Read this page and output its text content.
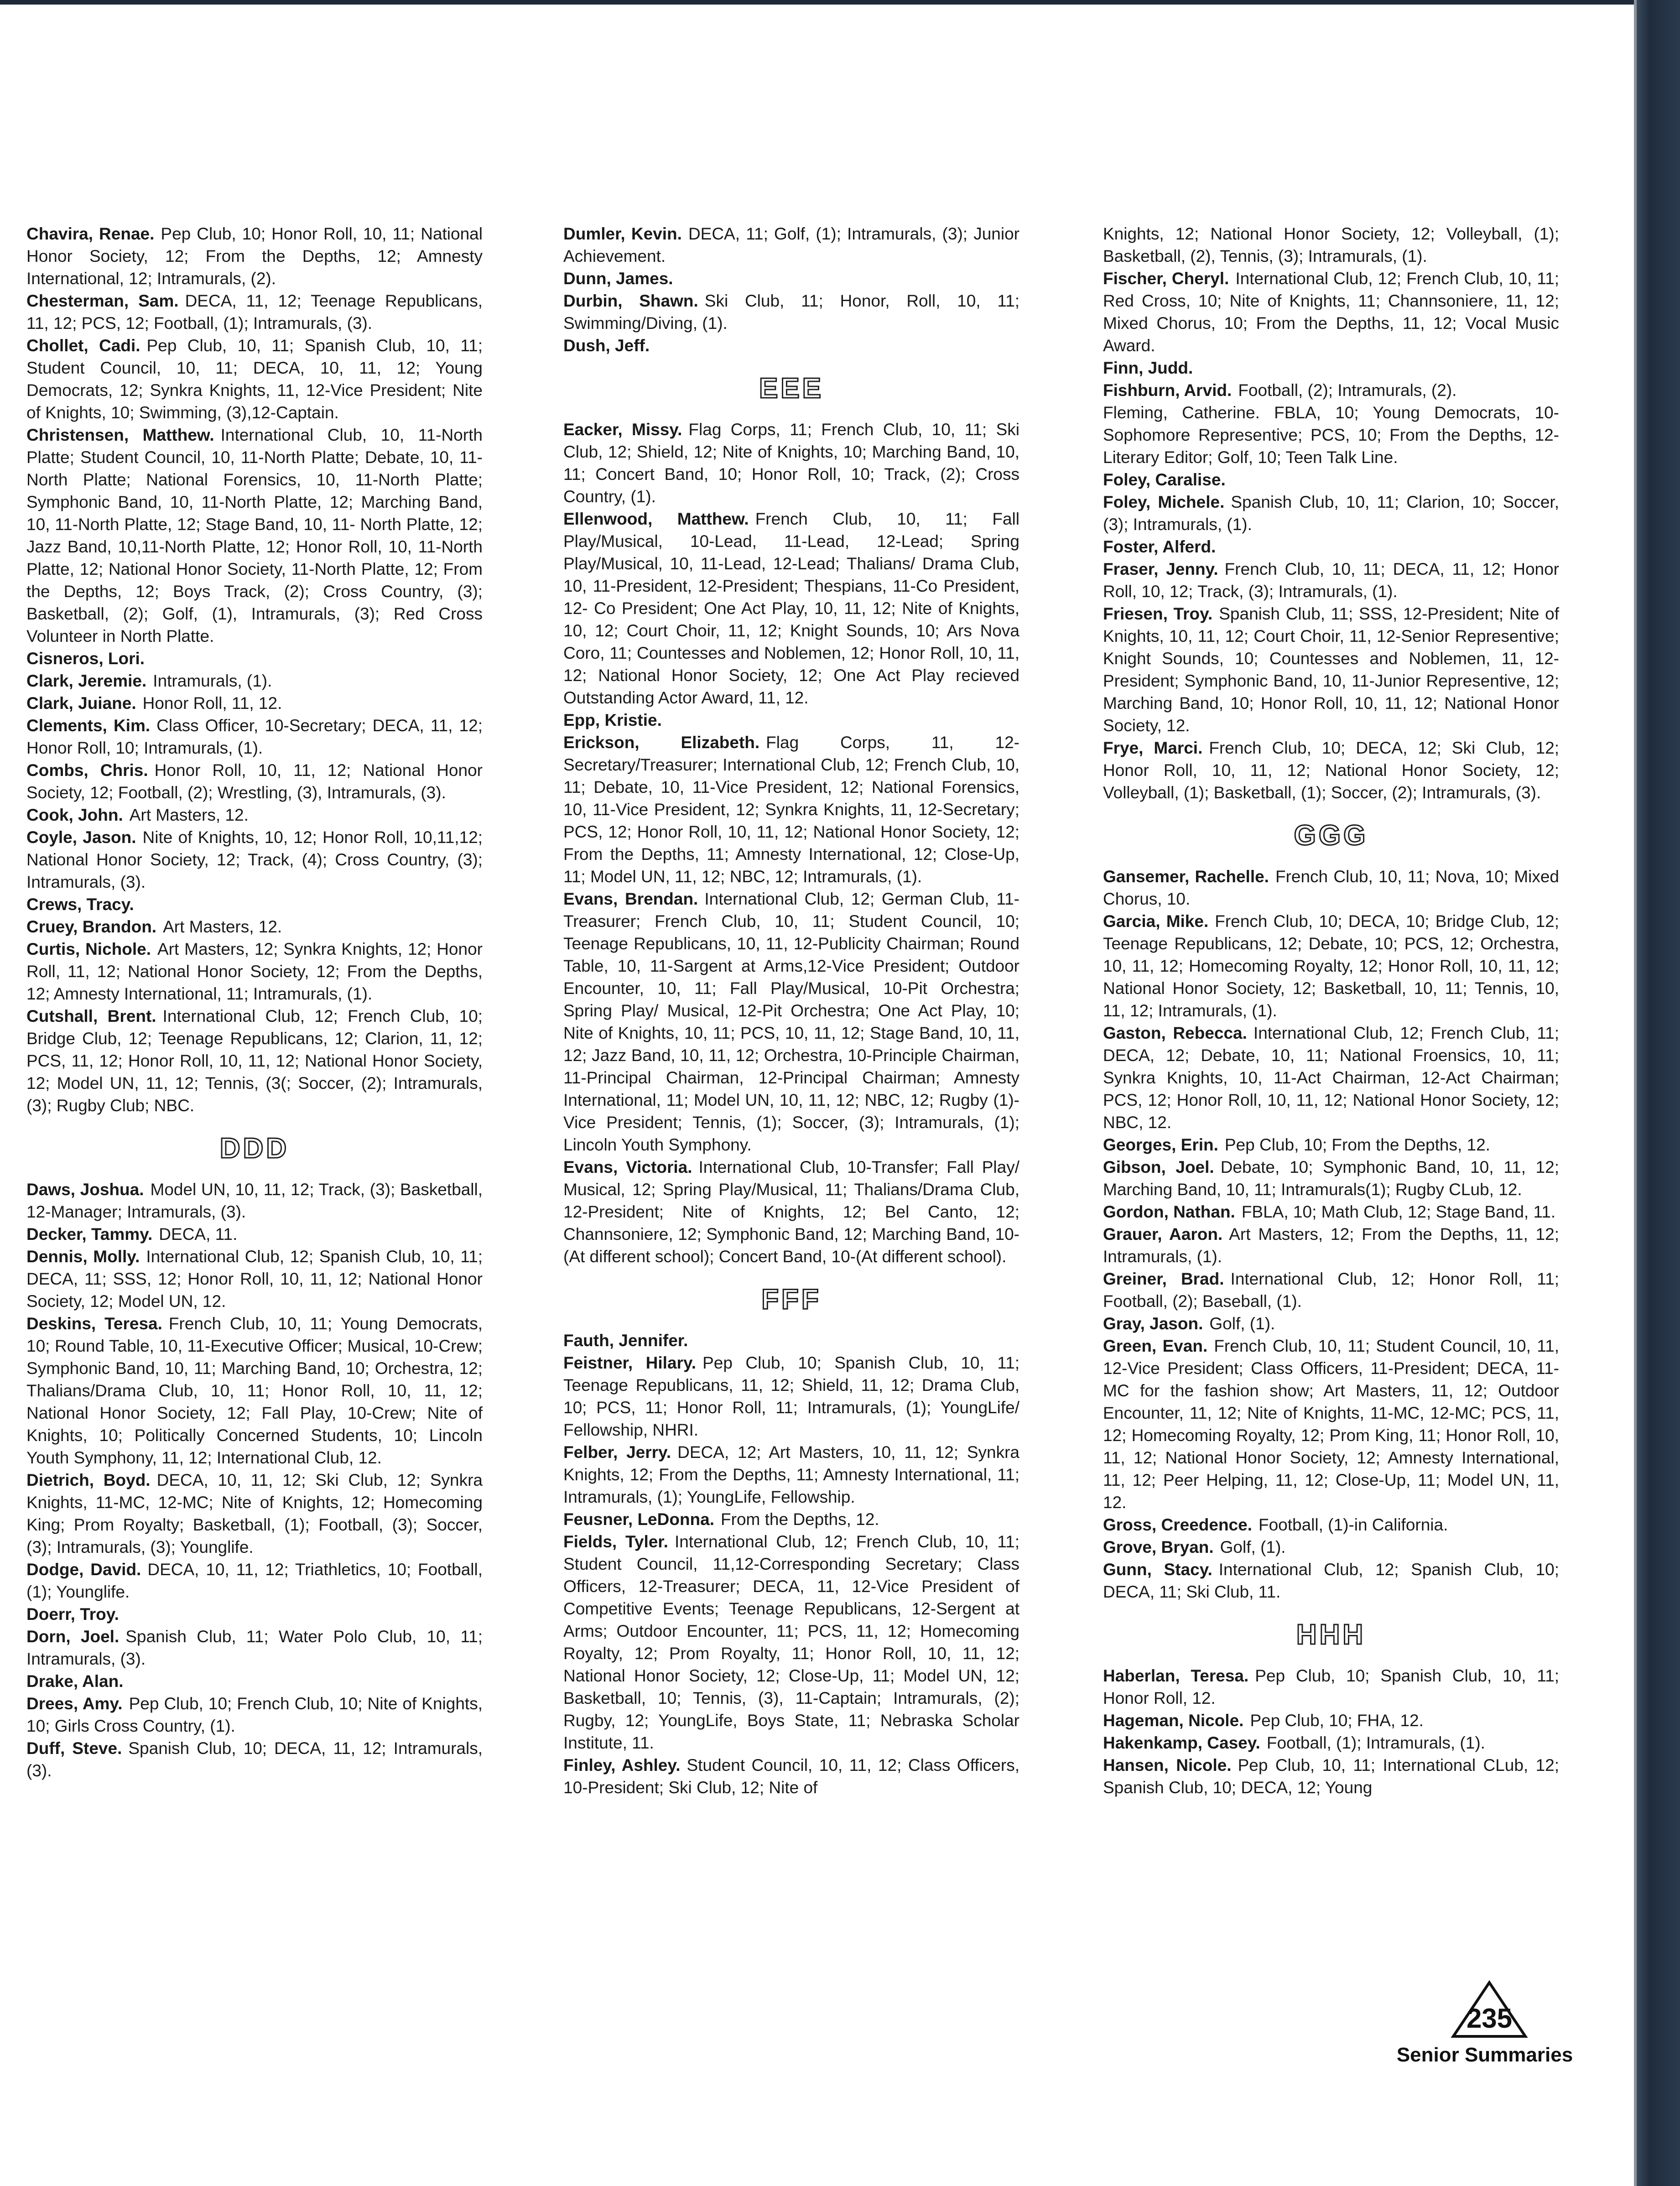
Chavira, Renae. Pep Club, 10; Honor Roll, 10, 11; National Honor Society, 12; From the Depths, 12; Amnesty International, 12; Intramurals, (2).

Chesterman, Sam. DECA, 11, 12; Teenage Republicans, 11, 12; PCS, 12; Football, (1); Intramurals, (3).

Chollet, Cadi. Pep Club, 10, 11; Spanish Club, 10, 11; Student Council, 10, 11; DECA, 10, 11, 12; Young Democrats, 12; Synkra Knights, 11, 12-Vice President; Nite of Knights, 10; Swimming, (3),12-Captain.

Christensen, Matthew. International Club, 10, 11-North Platte; Student Council, 10, 11-North Platte; Debate, 10, 11-North Platte; National Forensics, 10, 11-North Platte; Symphonic Band, 10, 11-North Platte, 12; Marching Band, 10, 11-North Platte, 12; Stage Band, 10, 11- North Platte, 12; Jazz Band, 10,11-North Platte, 12; Honor Roll, 10, 11-North Platte, 12; National Honor Society, 11-North Platte, 12; From the Depths, 12; Boys Track, (2); Cross Country, (3); Basketball, (2); Golf, (1), Intramurals, (3); Red Cross Volunteer in North Platte.

Cisneros, Lori.

Clark, Jeremie. Intramurals, (1).

Clark, Juiane. Honor Roll, 11, 12.

Clements, Kim. Class Officer, 10-Secretary; DECA, 11, 12; Honor Roll, 10; Intramurals, (1).

Combs, Chris. Honor Roll, 10, 11, 12; National Honor Society, 12; Football, (2); Wrestling, (3), Intramurals, (3).

Cook, John. Art Masters, 12.

Coyle, Jason. Nite of Knights, 10, 12; Honor Roll, 10,11,12; National Honor Society, 12; Track, (4); Cross Country, (3); Intramurals, (3).

Crews, Tracy.

Cruey, Brandon. Art Masters, 12.

Curtis, Nichole. Art Masters, 12; Synkra Knights, 12; Honor Roll, 11, 12; National Honor Society, 12; From the Depths, 12; Amnesty International, 11; Intramurals, (1).

Cutshall, Brent. International Club, 12; French Club, 10; Bridge Club, 12; Teenage Republicans, 12; Clarion, 11, 12; PCS, 11, 12; Honor Roll, 10, 11, 12; National Honor Society, 12; Model UN, 11, 12; Tennis, (3(; Soccer, (2); Intramurals, (3); Rugby Club; NBC.

DDD

Daws, Joshua. Model UN, 10, 11, 12; Track, (3); Basketball, 12-Manager; Intramurals, (3).

Decker, Tammy. DECA, 11.

Dennis, Molly. International Club, 12; Spanish Club, 10, 11; DECA, 11; SSS, 12; Honor Roll, 10, 11, 12; National Honor Society, 12; Model UN, 12.

Deskins, Teresa. French Club, 10, 11; Young Democrats, 10; Round Table, 10, 11-Executive Officer; Musical, 10-Crew; Symphonic Band, 10, 11; Marching Band, 10; Orchestra, 12; Thalians/Drama Club, 10, 11; Honor Roll, 10, 11, 12; National Honor Society, 12; Fall Play, 10-Crew; Nite of Knights, 10; Politically Concerned Students, 10; Lincoln Youth Symphony, 11, 12; International Club, 12.

Dietrich, Boyd. DECA, 10, 11, 12; Ski Club, 12; Synkra Knights, 11-MC, 12-MC; Nite of Knights, 12; Homecoming King; Prom Royalty; Basketball, (1); Football, (3); Soccer, (3); Intramurals, (3); Younglife.

Dodge, David. DECA, 10, 11, 12; Triathletics, 10; Football, (1); Younglife.

Doerr, Troy.

Dorn, Joel. Spanish Club, 11; Water Polo Club, 10, 11; Intramurals, (3).

Drake, Alan.

Drees, Amy. Pep Club, 10; French Club, 10; Nite of Knights, 10; Girls Cross Country, (1).

Duff, Steve. Spanish Club, 10; DECA, 11, 12; Intramurals, (3).

Dumler, Kevin. DECA, 11; Golf, (1); Intramurals, (3); Junior Achievement.

Dunn, James.

Durbin, Shawn. Ski Club, 11; Honor, Roll, 10, 11; Swimming/Diving, (1).

Dush, Jeff.

EEE

Eacker, Missy. Flag Corps, 11; French Club, 10, 11; Ski Club, 12; Shield, 12; Nite of Knights, 10; Marching Band, 10, 11; Concert Band, 10; Honor Roll, 10; Track, (2); Cross Country, (1).

Ellenwood, Matthew. French Club, 10, 11; Fall Play/Musical, 10-Lead, 11-Lead, 12-Lead; Spring Play/Musical, 10, 11-Lead, 12-Lead; Thalians/ Drama Club, 10, 11-President, 12-President; Thespians, 11-Co President, 12- Co President; One Act Play, 10, 11, 12; Nite of Knights, 10, 12; Court Choir, 11, 12; Knight Sounds, 10; Ars Nova Coro, 11; Countesses and Noblemen, 12; Honor Roll, 10, 11, 12; National Honor Society, 12; One Act Play recieved Outstanding Actor Award, 11, 12.

Epp, Kristie.

Erickson, Elizabeth. Flag Corps, 11, 12-Secretary/Treasurer; International Club, 12; French Club, 10, 11; Debate, 10, 11-Vice President, 12; National Forensics, 10, 11-Vice President, 12; Synkra Knights, 11, 12-Secretary; PCS, 12; Honor Roll, 10, 11, 12; National Honor Society, 12; From the Depths, 11; Amnesty International, 12; Close-Up, 11; Model UN, 11, 12; NBC, 12; Intramurals, (1).

Evans, Brendan. International Club, 12; German Club, 11- Treasurer; French Club, 10, 11; Student Council, 10; Teenage Republicans, 10, 11, 12-Publicity Chairman; Round Table, 10, 11-Sargent at Arms,12-Vice President; Outdoor Encounter, 10, 11; Fall Play/Musical, 10-Pit Orchestra; Spring Play/ Musical, 12-Pit Orchestra; One Act Play, 10; Nite of Knights, 10, 11; PCS, 10, 11, 12; Stage Band, 10, 11, 12; Jazz Band, 10, 11, 12; Orchestra, 10-Principle Chairman, 11-Principal Chairman, 12-Principal Chairman; Amnesty International, 11; Model UN, 10, 11, 12; NBC, 12; Rugby (1)-Vice President; Tennis, (1); Soccer, (3); Intramurals, (1); Lincoln Youth Symphony.

Evans, Victoria. International Club, 10-Transfer; Fall Play/ Musical, 12; Spring Play/Musical, 11; Thalians/Drama Club, 12-President; Nite of Knights, 12; Bel Canto, 12; Channsoniere, 12; Symphonic Band, 12; Marching Band, 10-(At different school); Concert Band, 10-(At different school).

FFF

Fauth, Jennifer.

Feistner, Hilary. Pep Club, 10; Spanish Club, 10, 11; Teenage Republicans, 11, 12; Shield, 11, 12; Drama Club, 10; PCS, 11; Honor Roll, 11; Intramurals, (1); YoungLife/ Fellowship, NHRI.

Felber, Jerry. DECA, 12; Art Masters, 10, 11, 12; Synkra Knights, 12; From the Depths, 11; Amnesty International, 11; Intramurals, (1); YoungLife, Fellowship.

Feusner, LeDonna. From the Depths, 12.

Fields, Tyler. International Club, 12; French Club, 10, 11; Student Council, 11,12-Corresponding Secretary; Class Officers, 12-Treasurer; DECA, 11, 12-Vice President of Competitive Events; Teenage Republicans, 12-Sergent at Arms; Outdoor Encounter, 11; PCS, 11, 12; Homecoming Royalty, 12; Prom Royalty, 11; Honor Roll, 10, 11, 12; National Honor Society, 12; Close-Up, 11; Model UN, 12; Basketball, 10; Tennis, (3), 11-Captain; Intramurals, (2); Rugby, 12; YoungLife, Boys State, 11; Nebraska Scholar Institute, 11.

Finley, Ashley. Student Council, 10, 11, 12; Class Officers, 10-President; Ski Club, 12; Nite of

Knights, 12; National Honor Society, 12; Volleyball, (1); Basketball, (2), Tennis, (3); Intramurals, (1).

Fischer, Cheryl. International Club, 12; French Club, 10, 11; Red Cross, 10; Nite of Knights, 11; Channsoniere, 11, 12; Mixed Chorus, 10; From the Depths, 11, 12; Vocal Music Award.

Finn, Judd.

Fishburn, Arvid. Football, (2); Intramurals, (2).

Fleming, Catherine. FBLA, 10; Young Democrats, 10-Sophomore Representive; PCS, 10; From the Depths, 12-Literary Editor; Golf, 10; Teen Talk Line.

Foley, Caralise.

Foley, Michele. Spanish Club, 10, 11; Clarion, 10; Soccer, (3); Intramurals, (1).

Foster, Alferd.

Fraser, Jenny. French Club, 10, 11; DECA, 11, 12; Honor Roll, 10, 12; Track, (3); Intramurals, (1).

Friesen, Troy. Spanish Club, 11; SSS, 12-President; Nite of Knights, 10, 11, 12; Court Choir, 11, 12-Senior Representive; Knight Sounds, 10; Countesses and Noblemen, 11, 12- President; Symphonic Band, 10, 11-Junior Representive, 12; Marching Band, 10; Honor Roll, 10, 11, 12; National Honor Society, 12.

Frye, Marci. French Club, 10; DECA, 12; Ski Club, 12; Honor Roll, 10, 11, 12; National Honor Society, 12; Volleyball, (1); Basketball, (1); Soccer, (2); Intramurals, (3).

GGG

Gansemer, Rachelle. French Club, 10, 11; Nova, 10; Mixed Chorus, 10.

Garcia, Mike. French Club, 10; DECA, 10; Bridge Club, 12; Teenage Republicans, 12; Debate, 10; PCS, 12; Orchestra, 10, 11, 12; Homecoming Royalty, 12; Honor Roll, 10, 11, 12; National Honor Society, 12; Basketball, 10, 11; Tennis, 10, 11, 12; Intramurals, (1).

Gaston, Rebecca. International Club, 12; French Club, 11; DECA, 12; Debate, 10, 11; National Froensics, 10, 11; Synkra Knights, 10, 11-Act Chairman, 12-Act Chairman; PCS, 12; Honor Roll, 10, 11, 12; National Honor Society, 12; NBC, 12.

Georges, Erin. Pep Club, 10; From the Depths, 12.

Gibson, Joel. Debate, 10; Symphonic Band, 10, 11, 12; Marching Band, 10, 11; Intramurals(1); Rugby CLub, 12.

Gordon, Nathan. FBLA, 10; Math Club, 12; Stage Band, 11.

Grauer, Aaron. Art Masters, 12; From the Depths, 11, 12; Intramurals, (1).

Greiner, Brad. International Club, 12; Honor Roll, 11; Football, (2); Baseball, (1).

Gray, Jason. Golf, (1).

Green, Evan. French Club, 10, 11; Student Council, 10, 11, 12-Vice President; Class Officers, 11-President; DECA, 11-MC for the fashion show; Art Masters, 11, 12; Outdoor Encounter, 11, 12; Nite of Knights, 11-MC, 12-MC; PCS, 11, 12; Homecoming Royalty, 12; Prom King, 11; Honor Roll, 10, 11, 12; National Honor Society, 12; Amnesty International, 11, 12; Peer Helping, 11, 12; Close-Up, 11; Model UN, 11, 12.

Gross, Creedence. Football, (1)-in California.

Grove, Bryan. Golf, (1).

Gunn, Stacy. International Club, 12; Spanish Club, 10; DECA, 11; Ski Club, 11.

HHH

Haberlan, Teresa. Pep Club, 10; Spanish Club, 10, 11; Honor Roll, 12.

Hageman, Nicole. Pep Club, 10; FHA, 12.

Hakenkamp, Casey. Football, (1); Intramurals, (1).

Hansen, Nicole. Pep Club, 10, 11; International CLub, 12; Spanish Club, 10; DECA, 12; Young

235
Senior Summaries
